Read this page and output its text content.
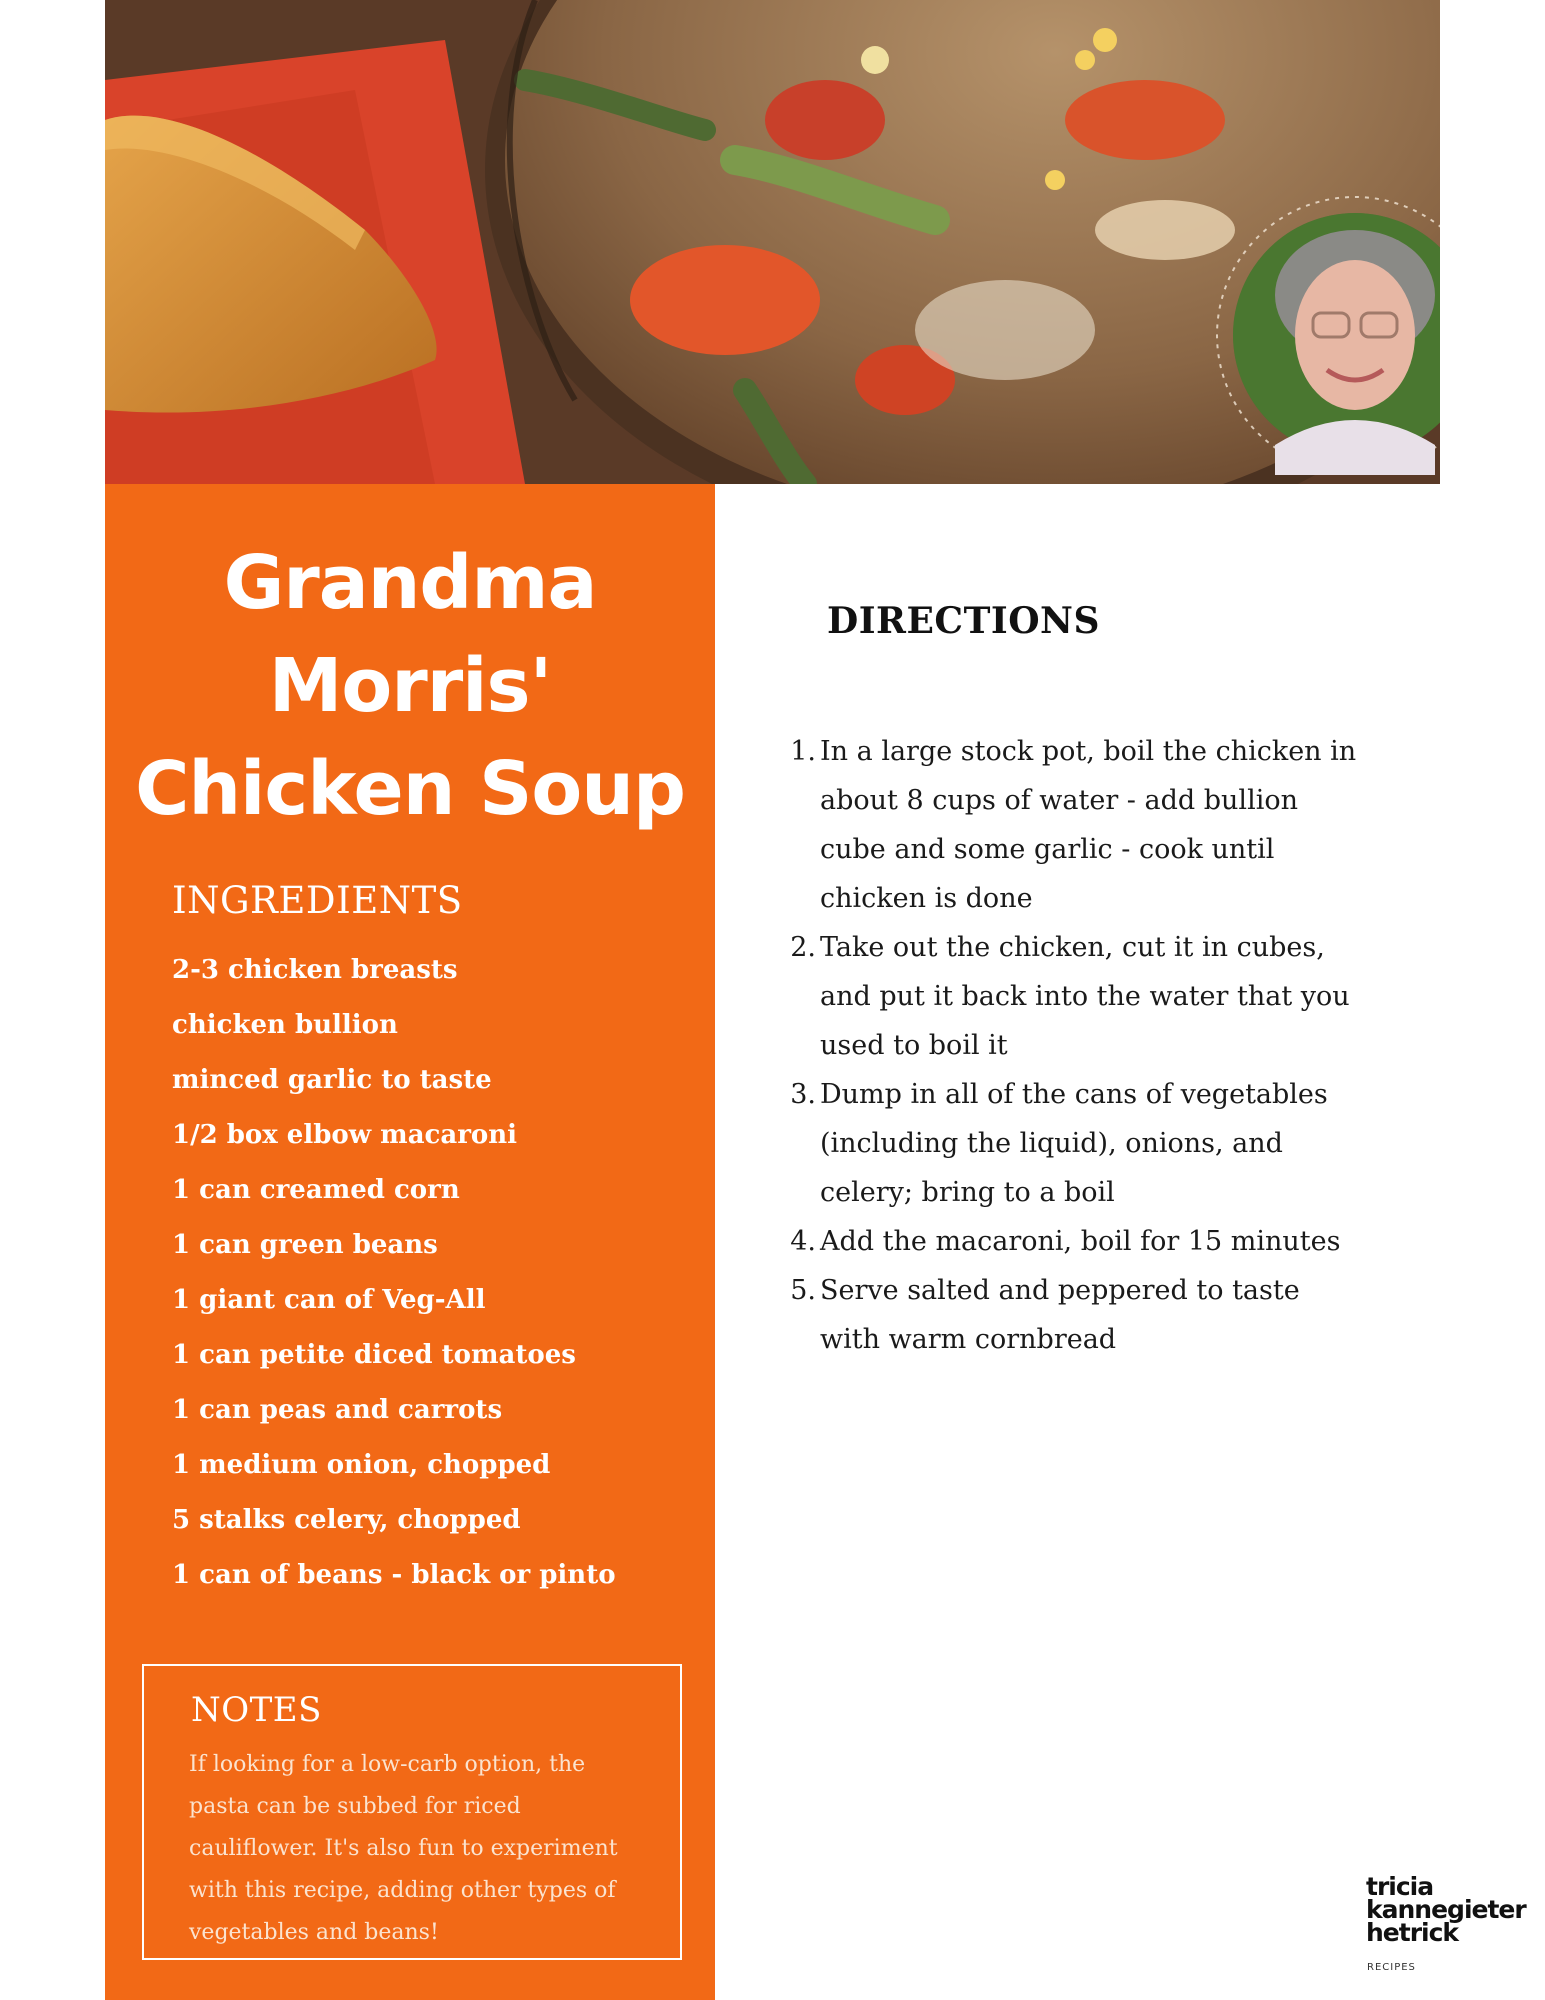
Grandma
Morris'
Chicken Soup
INGREDIENTS
2-3 chicken breasts
chicken bullion
minced garlic to taste
1/2 box elbow macaroni
1 can creamed corn
1 can green beans
1 giant can of Veg-All
1 can petite diced tomatoes
1 can peas and carrots
1 medium onion, chopped
5 stalks celery, chopped
1 can of beans - black or pinto
NOTES

If looking for a low-carb option, the pasta can be subbed for riced cauliflower. It's also fun to experiment with this recipe, adding other types of vegetables and beans!

DIRECTIONS
1. In a large stock pot, boil the chicken in about 8 cups of water - add bullion cube and some garlic - cook until chicken is done
2. Take out the chicken, cut it in cubes, and put it back into the water that you used to boil it
3. Dump in all of the cans of vegetables (including the liquid), onions, and celery; bring to a boil
4. Add the macaroni, boil for 15 minutes
5. Serve salted and peppered to taste with warm cornbread
tricia
kannegieter
hetrick
RECIPES
